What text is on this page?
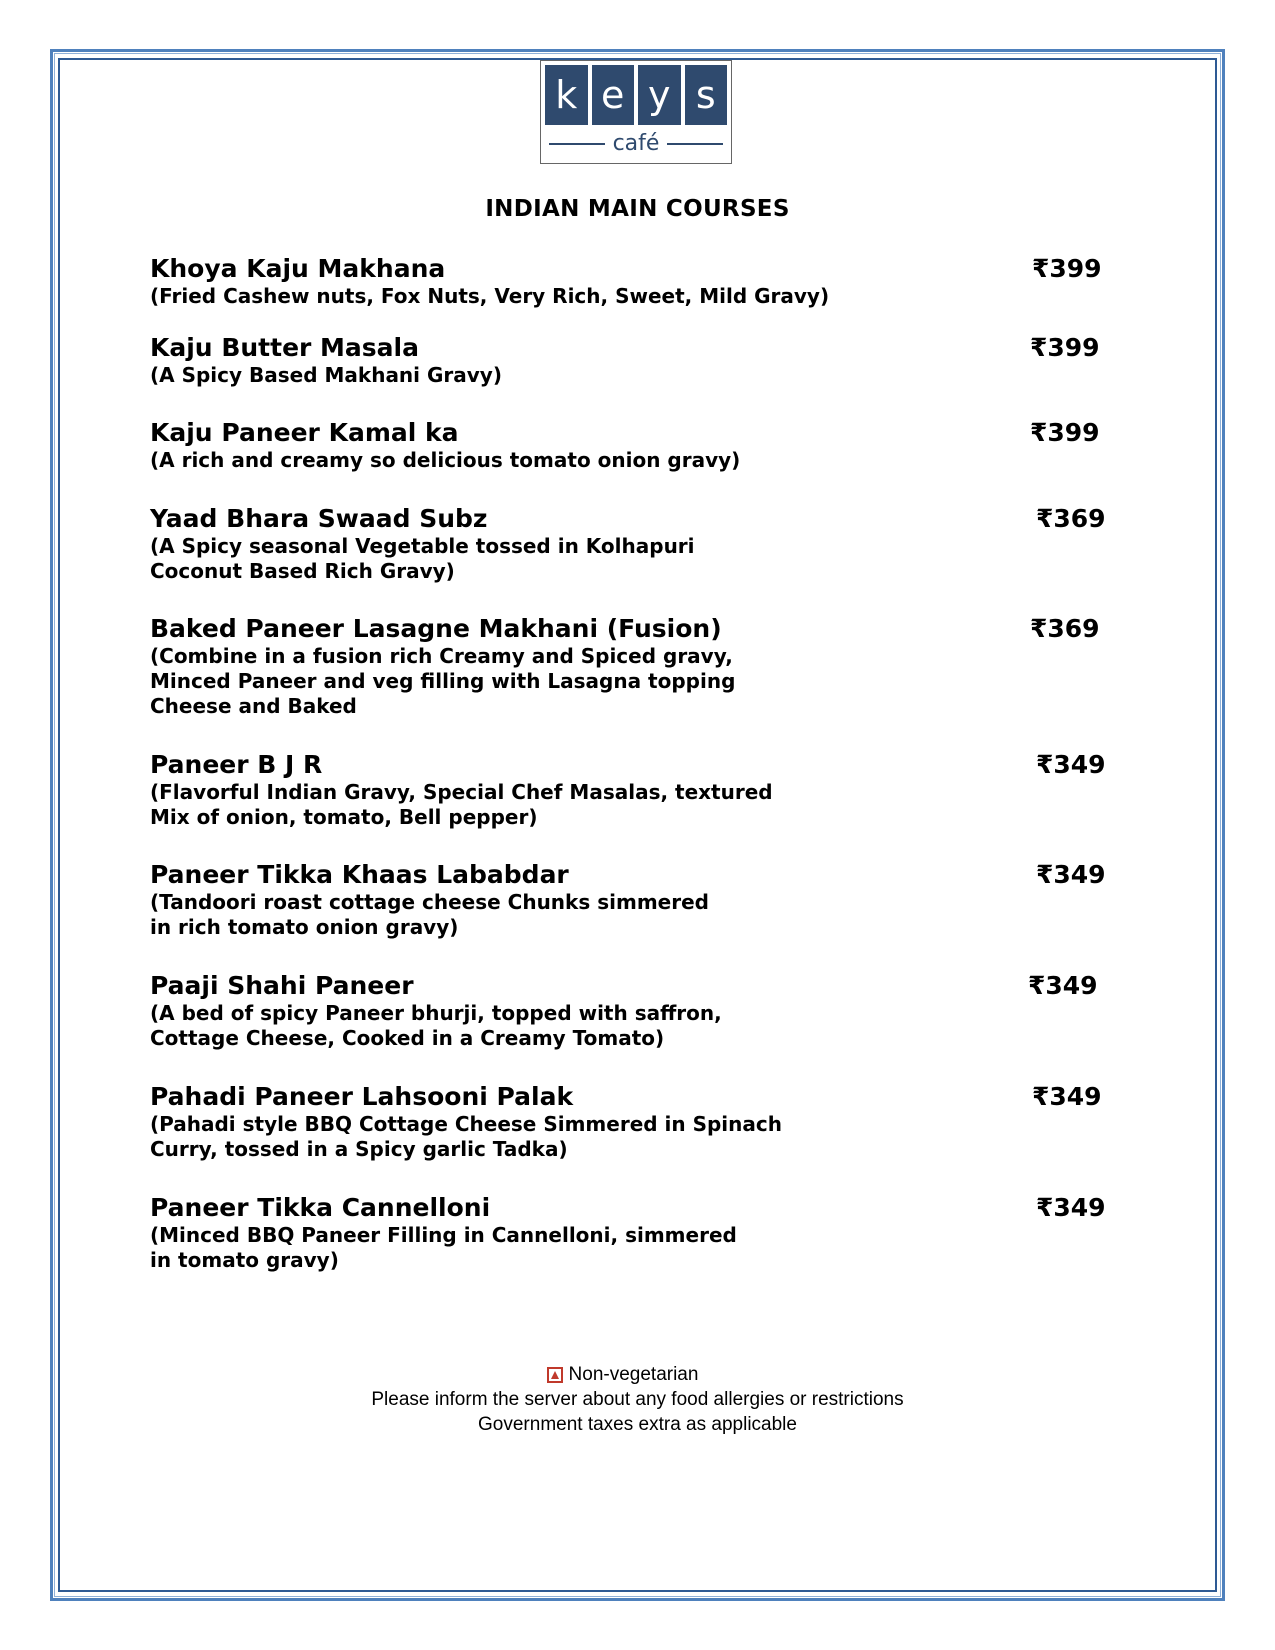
k e y s
café
INDIAN MAIN COURSES
Khoya Kaju Makhana
(Fried Cashew nuts, Fox Nuts, Very Rich, Sweet, Mild Gravy)
₹399
Kaju Butter Masala
(A Spicy Based Makhani Gravy)
₹399
Kaju Paneer Kamal ka
(A rich and creamy so delicious tomato onion gravy)
₹399
Yaad Bhara Swaad Subz
(A Spicy seasonal Vegetable tossed in Kolhapuri
Coconut Based Rich Gravy)
₹369
Baked Paneer Lasagne Makhani (Fusion)
(Combine in a fusion rich Creamy and Spiced gravy,
Minced Paneer and veg filling with Lasagna topping
Cheese and Baked
₹369
Paneer B J R
(Flavorful Indian Gravy, Special Chef Masalas, textured
Mix of onion, tomato, Bell pepper)
₹349
Paneer Tikka Khaas Lababdar
(Tandoori roast cottage cheese Chunks simmered
in rich tomato onion gravy)
₹349
Paaji Shahi Paneer
(A bed of spicy Paneer bhurji, topped with saffron,
Cottage Cheese, Cooked in a Creamy Tomato)
₹349
Pahadi Paneer Lahsooni Palak
(Pahadi style BBQ Cottage Cheese Simmered in Spinach
Curry, tossed in a Spicy garlic Tadka)
₹349
Paneer Tikka Cannelloni
(Minced BBQ Paneer Filling in Cannelloni, simmered
in tomato gravy)
₹349
Non-vegetarian
Please inform the server about any food allergies or restrictions
Government taxes extra as applicable
